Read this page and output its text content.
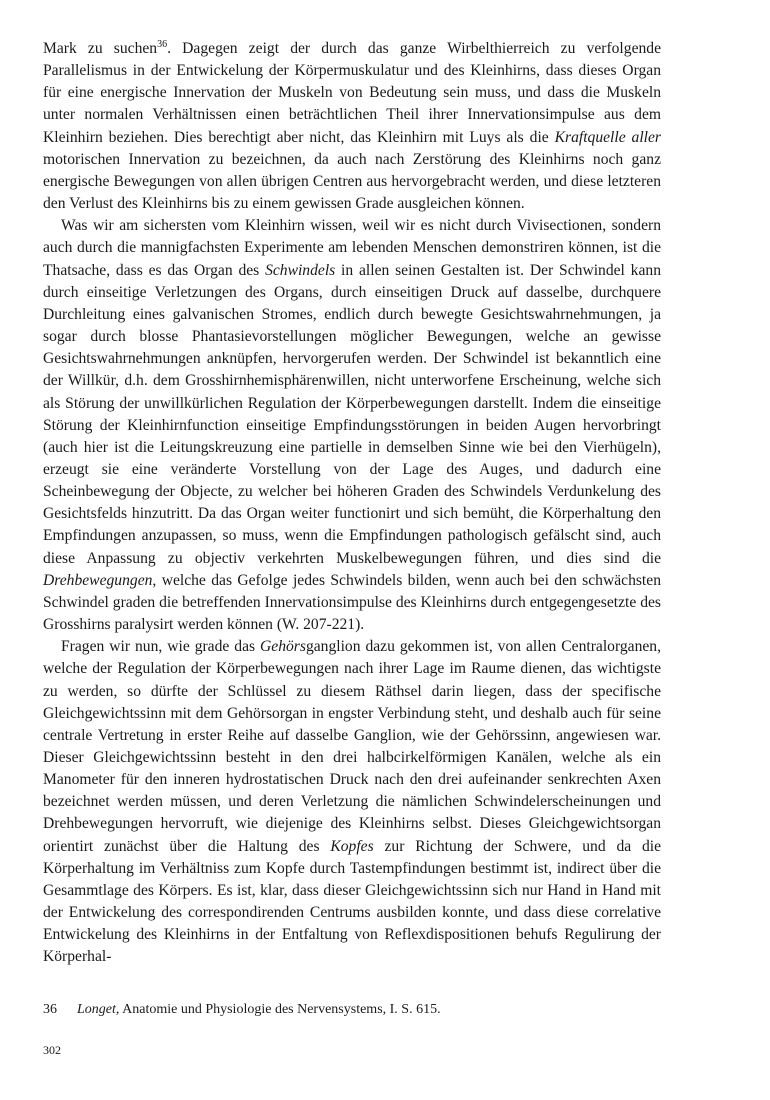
Mark zu suchen$^{36}$. Dagegen zeigt der durch das ganze Wirbelthierreich zu verfolgende Parallelismus in der Entwickelung der Körpermuskulatur und des Kleinhirns, dass dieses Organ für eine energische Innervation der Muskeln von Bedeutung sein muss, und dass die Muskeln unter normalen Verhältnissen einen beträchtlichen Theil ihrer Innervationsimpulse aus dem Kleinhirn beziehen. Dies berechtigt aber nicht, das Kleinhirn mit Luys als die Kraftquelle aller motorischen Innervation zu bezeichnen, da auch nach Zerstörung des Kleinhirns noch ganz energische Bewegungen von allen übrigen Centren aus hervorgebracht werden, und diese letzteren den Verlust des Kleinhirns bis zu einem gewissen Grade ausgleichen können.

Was wir am sichersten vom Kleinhirn wissen, weil wir es nicht durch Vivisectionen, sondern auch durch die mannigfachsten Experimente am lebenden Menschen demonstriren können, ist die Thatsache, dass es das Organ des Schwindels in allen seinen Gestalten ist. Der Schwindel kann durch einseitige Verletzungen des Organs, durch einseitigen Druck auf dasselbe, durchquere Durchleitung eines galvanischen Stromes, endlich durch bewegte Gesichtswahrnehmungen, ja sogar durch blosse Phantasievorstellungen möglicher Bewegungen, welche an gewisse Gesichtswahrnehmungen anknüpfen, hervorgerufen werden. Der Schwindel ist bekanntlich eine der Willkür, d.h. dem Grosshirnhemisphärenwillen, nicht unterworfene Erscheinung, welche sich als Störung der unwillkürlichen Regulation der Körperbewegungen darstellt. Indem die einseitige Störung der Kleinhirnfunction einseitige Empfindungsstörungen in beiden Augen hervorbringt (auch hier ist die Leitungskreuzung eine partielle in demselben Sinne wie bei den Vierhügeln), erzeugt sie eine veränderte Vorstellung von der Lage des Auges, und dadurch eine Scheinbewegung der Objecte, zu welcher bei höheren Graden des Schwindels Verdunkelung des Gesichtsfelds hinzutritt. Da das Organ weiter functionirt und sich bemüht, die Körperhaltung den Empfindungen anzupassen, so muss, wenn die Empfindungen pathologisch gefälscht sind, auch diese Anpassung zu objectiv verkehrten Muskelbewegungen führen, und dies sind die Drehbewegungen, welche das Gefolge jedes Schwindels bilden, wenn auch bei den schwächsten Schwindel graden die betreffenden Innervationsimpulse des Kleinhirns durch entgegengesetzte des Grosshirns paralysirt werden können (W. 207-221).

Fragen wir nun, wie grade das Gehörsganglion dazu gekommen ist, von allen Centralorganen, welche der Regulation der Körperbewegungen nach ihrer Lage im Raume dienen, das wichtigste zu werden, so dürfte der Schlüssel zu diesem Räthsel darin liegen, dass der specifische Gleichgewichtssinn mit dem Gehörsorgan in engster Verbindung steht, und deshalb auch für seine centrale Vertretung in erster Reihe auf dasselbe Ganglion, wie der Gehörssinn, angewiesen war. Dieser Gleichgewichtssinn besteht in den drei halbcirkelförmigen Kanälen, welche als ein Manometer für den inneren hydrostatischen Druck nach den drei aufeinander senkrechten Axen bezeichnet werden müssen, und deren Verletzung die nämlichen Schwindelerscheinungen und Drehbewegungen hervorruft, wie diejenige des Kleinhirns selbst. Dieses Gleichgewichtsorgan orientirt zunächst über die Haltung des Kopfes zur Richtung der Schwere, und da die Körperhaltung im Verhältniss zum Kopfe durch Tastempfindungen bestimmt ist, indirect über die Gesammtlage des Körpers. Es ist, klar, dass dieser Gleichgewichtssinn sich nur Hand in Hand mit der Entwickelung des correspondirenden Centrums ausbilden konnte, und dass diese correlative Entwickelung des Kleinhirns in der Entfaltung von Reflexdispositionen behufs Regulirung der Körperhal-

36 Longet, Anatomie und Physiologie des Nervensystems, I. S. 615.
302
